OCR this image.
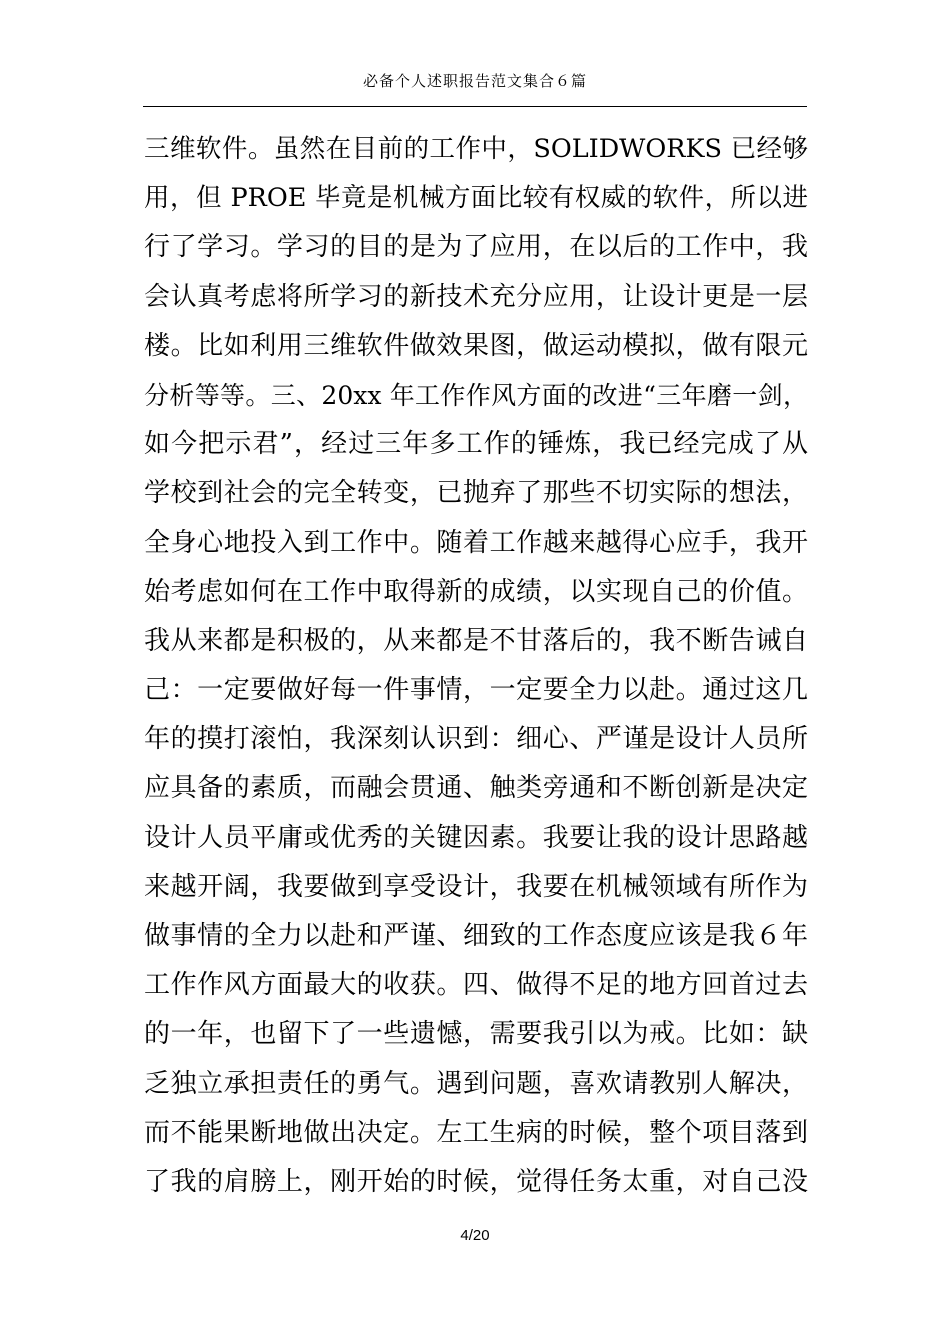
必备个人述职报告范文集合６篇
三维软件。虽然在目前的工作中，SOLIDWORKS 已经够
用，但 PROE 毕竟是机械方面比较有权威的软件，所以进
行了学习。学习的目的是为了应用，在以后的工作中，我
会认真考虑将所学习的新技术充分应用，让设计更是一层
楼。比如利用三维软件做效果图，做运动模拟，做有限元
分析等等。三、20xx 年工作作风方面的改进“三年磨一剑，
如今把示君”，经过三年多工作的锤炼，我已经完成了从
学校到社会的完全转变，已抛弃了那些不切实际的想法，
全身心地投入到工作中。随着工作越来越得心应手，我开
始考虑如何在工作中取得新的成绩，以实现自己的价值。
我从来都是积极的，从来都是不甘落后的，我不断告诫自
己：一定要做好每一件事情，一定要全力以赴。通过这几
年的摸打滚怕，我深刻认识到：细心、严谨是设计人员所
应具备的素质，而融会贯通、触类旁通和不断创新是决定
设计人员平庸或优秀的关键因素。我要让我的设计思路越
来越开阔，我要做到享受设计，我要在机械领域有所作为
做事情的全力以赴和严谨、细致的工作态度应该是我６年
工作作风方面最大的收获。四、做得不足的地方回首过去
的一年，也留下了一些遗憾，需要我引以为戒。比如：缺
乏独立承担责任的勇气。遇到问题，喜欢请教别人解决，
而不能果断地做出决定。左工生病的时候，整个项目落到
了我的肩膀上，刚开始的时候，觉得任务太重，对自己没
4/20
